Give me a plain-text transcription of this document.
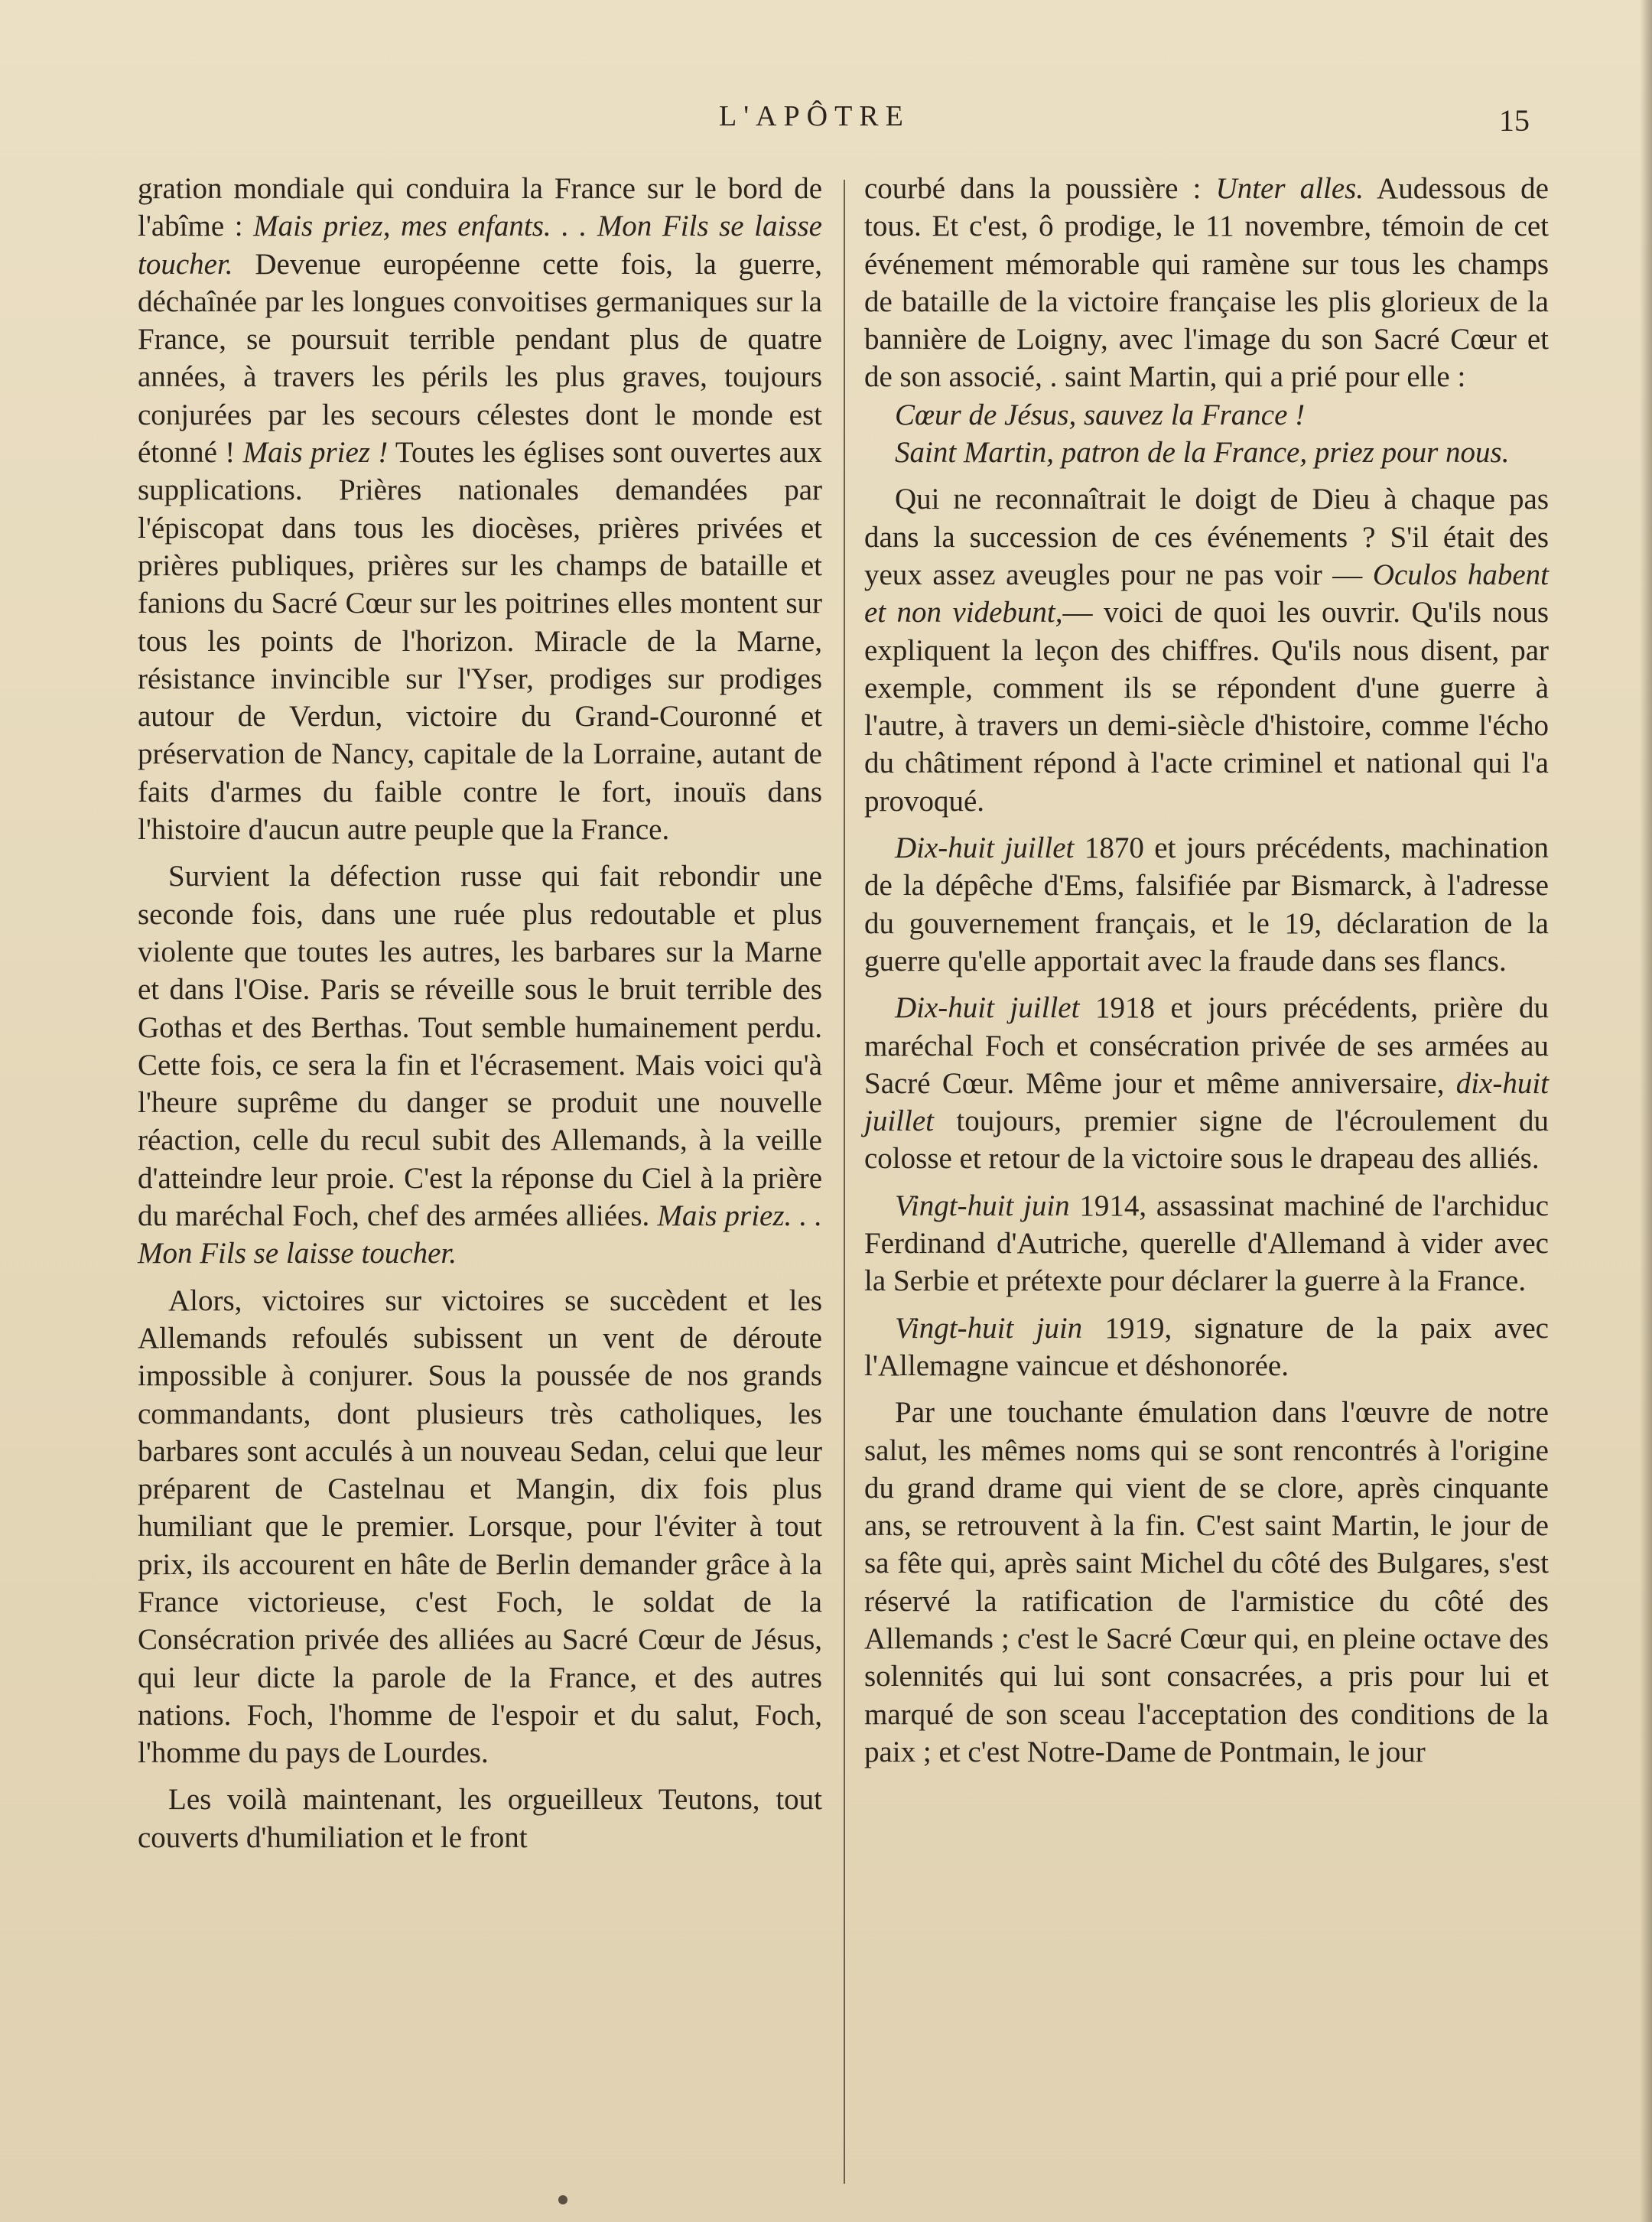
L'APÔTRE	15

gration mondiale qui conduira la France sur le bord de l'abîme : Mais priez, mes enfants. . . Mon Fils se laisse toucher. Devenue européenne cette fois, la guerre, déchaînée par les longues convoitises germaniques sur la France, se poursuit terrible pendant plus de quatre années, à travers les périls les plus graves, toujours conjurées par les secours célestes dont le monde est étonné ! Mais priez ! Toutes les églises sont ouvertes aux supplications. Prières nationales demandées par l'épiscopat dans tous les diocèses, prières privées et prières publiques, prières sur les champs de bataille et fanions du Sacré Cœur sur les poitrines elles montent sur tous les points de l'horizon. Miracle de la Marne, résistance invincible sur l'Yser, prodiges sur prodiges autour de Verdun, victoire du Grand-Couronné et préservation de Nancy, capitale de la Lorraine, autant de faits d'armes du faible contre le fort, inouïs dans l'histoire d'aucun autre peuple que la France.

Survient la défection russe qui fait rebondir une seconde fois, dans une ruée plus redoutable et plus violente que toutes les autres, les barbares sur la Marne et dans l'Oise. Paris se réveille sous le bruit terrible des Gothas et des Berthas. Tout semble humainement perdu. Cette fois, ce sera la fin et l'écrasement. Mais voici qu'à l'heure suprême du danger se produit une nouvelle réaction, celle du recul subit des Allemands, à la veille d'atteindre leur proie. C'est la réponse du Ciel à la prière du maréchal Foch, chef des armées alliées. Mais priez. . . Mon Fils se laisse toucher.

Alors, victoires sur victoires se succèdent et les Allemands refoulés subissent un vent de déroute impossible à conjurer. Sous la poussée de nos grands commandants, dont plusieurs très catholiques, les barbares sont acculés à un nouveau Sedan, celui que leur préparent de Castelnau et Mangin, dix fois plus humiliant que le premier. Lorsque, pour l'éviter à tout prix, ils accourent en hâte de Berlin demander grâce à la France victorieuse, c'est Foch, le soldat de la Consécration privée des alliées au Sacré Cœur de Jésus, qui leur dicte la parole de la France, et des autres nations. Foch, l'homme de l'espoir et du salut, Foch, l'homme du pays de Lourdes.

Les voilà maintenant, les orgueilleux Teutons, tout couverts d'humiliation et le front

courbé dans la poussière : Unter alles. Audessous de tous. Et c'est, ô prodige, le 11 novembre, témoin de cet événement mémorable qui ramène sur tous les champs de bataille de la victoire française les plis glorieux de la bannière de Loigny, avec l'image du son Sacré Cœur et de son associé, . saint Martin, qui a prié pour elle :

Cœur de Jésus, sauvez la France !

Saint Martin, patron de la France, priez pour nous.

Qui ne reconnaîtrait le doigt de Dieu à chaque pas dans la succession de ces événements ? S'il était des yeux assez aveugles pour ne pas voir — Oculos habent et non videbunt,— voici de quoi les ouvrir. Qu'ils nous expliquent la leçon des chiffres. Qu'ils nous disent, par exemple, comment ils se répondent d'une guerre à l'autre, à travers un demi-siècle d'histoire, comme l'écho du châtiment répond à l'acte criminel et national qui l'a provoqué.

Dix-huit juillet 1870 et jours précédents, machination de la dépêche d'Ems, falsifiée par Bismarck, à l'adresse du gouvernement français, et le 19, déclaration de la guerre qu'elle apportait avec la fraude dans ses flancs.

Dix-huit juillet 1918 et jours précédents, prière du maréchal Foch et consécration privée de ses armées au Sacré Cœur. Même jour et même anniversaire, dix-huit juillet toujours, premier signe de l'écroulement du colosse et retour de la victoire sous le drapeau des alliés.

Vingt-huit juin 1914, assassinat machiné de l'archiduc Ferdinand d'Autriche, querelle d'Allemand à vider avec la Serbie et prétexte pour déclarer la guerre à la France.

Vingt-huit juin 1919, signature de la paix avec l'Allemagne vaincue et déshonorée.

Par une touchante émulation dans l'œuvre de notre salut, les mêmes noms qui se sont rencontrés à l'origine du grand drame qui vient de se clore, après cinquante ans, se retrouvent à la fin. C'est saint Martin, le jour de sa fête qui, après saint Michel du côté des Bulgares, s'est réservé la ratification de l'armistice du côté des Allemands ; c'est le Sacré Cœur qui, en pleine octave des solennités qui lui sont consacrées, a pris pour lui et marqué de son sceau l'acceptation des conditions de la paix ; et c'est Notre-Dame de Pontmain, le jour
